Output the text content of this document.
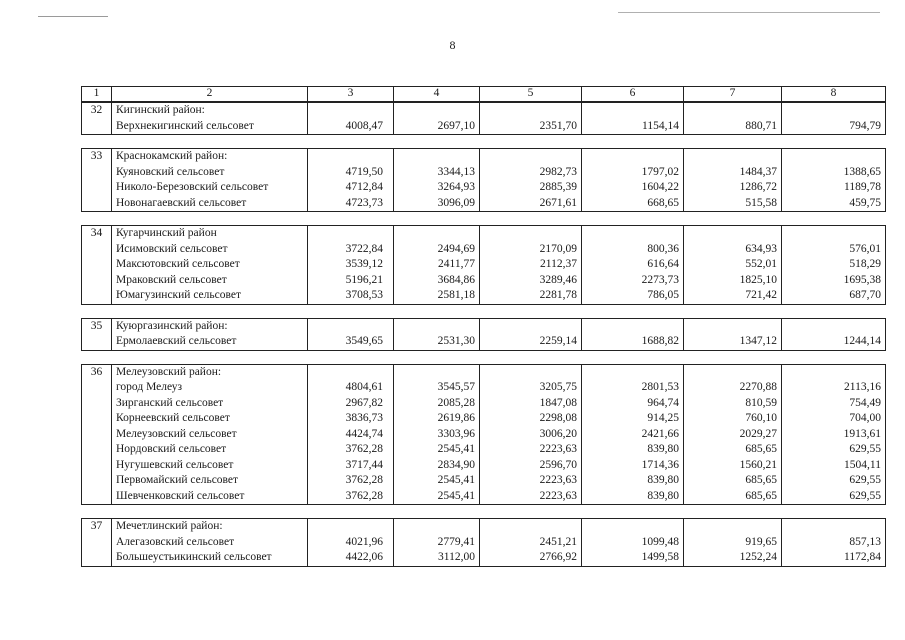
8
1	2	3	4	5	6	7	8
32	Кигинский район:						
	Верхнекигинский сельсовет	4008,47	2697,10	2351,70	1154,14	880,71	794,79

33	Краснокамский район:						
	Куяновский сельсовет	4719,50	3344,13	2982,73	1797,02	1484,37	1388,65
	Николо-Березовский сельсовет	4712,84	3264,93	2885,39	1604,22	1286,72	1189,78
	Новонагаевский сельсовет	4723,73	3096,09	2671,61	668,65	515,58	459,75

34	Кугарчинский район						
	Исимовский сельсовет	3722,84	2494,69	2170,09	800,36	634,93	576,01
	Максютовский сельсовет	3539,12	2411,77	2112,37	616,64	552,01	518,29
	Мраковский сельсовет	5196,21	3684,86	3289,46	2273,73	1825,10	1695,38
	Юмагузинский сельсовет	3708,53	2581,18	2281,78	786,05	721,42	687,70

35	Куюргазинский район:						
	Ермолаевский сельсовет	3549,65	2531,30	2259,14	1688,82	1347,12	1244,14

36	Мелеузовский район:						
	город Мелеуз	4804,61	3545,57	3205,75	2801,53	2270,88	2113,16
	Зирганский сельсовет	2967,82	2085,28	1847,08	964,74	810,59	754,49
	Корнеевский сельсовет	3836,73	2619,86	2298,08	914,25	760,10	704,00
	Мелеузовский сельсовет	4424,74	3303,96	3006,20	2421,66	2029,27	1913,61
	Нордовский сельсовет	3762,28	2545,41	2223,63	839,80	685,65	629,55
	Нугушевский сельсовет	3717,44	2834,90	2596,70	1714,36	1560,21	1504,11
	Первомайский сельсовет	3762,28	2545,41	2223,63	839,80	685,65	629,55
	Шевченковский сельсовет	3762,28	2545,41	2223,63	839,80	685,65	629,55

37	Мечетлинский район:						
	Алегазовский сельсовет	4021,96	2779,41	2451,21	1099,48	919,65	857,13
	Большеустьикинский сельсовет	4422,06	3112,00	2766,92	1499,58	1252,24	1172,84
